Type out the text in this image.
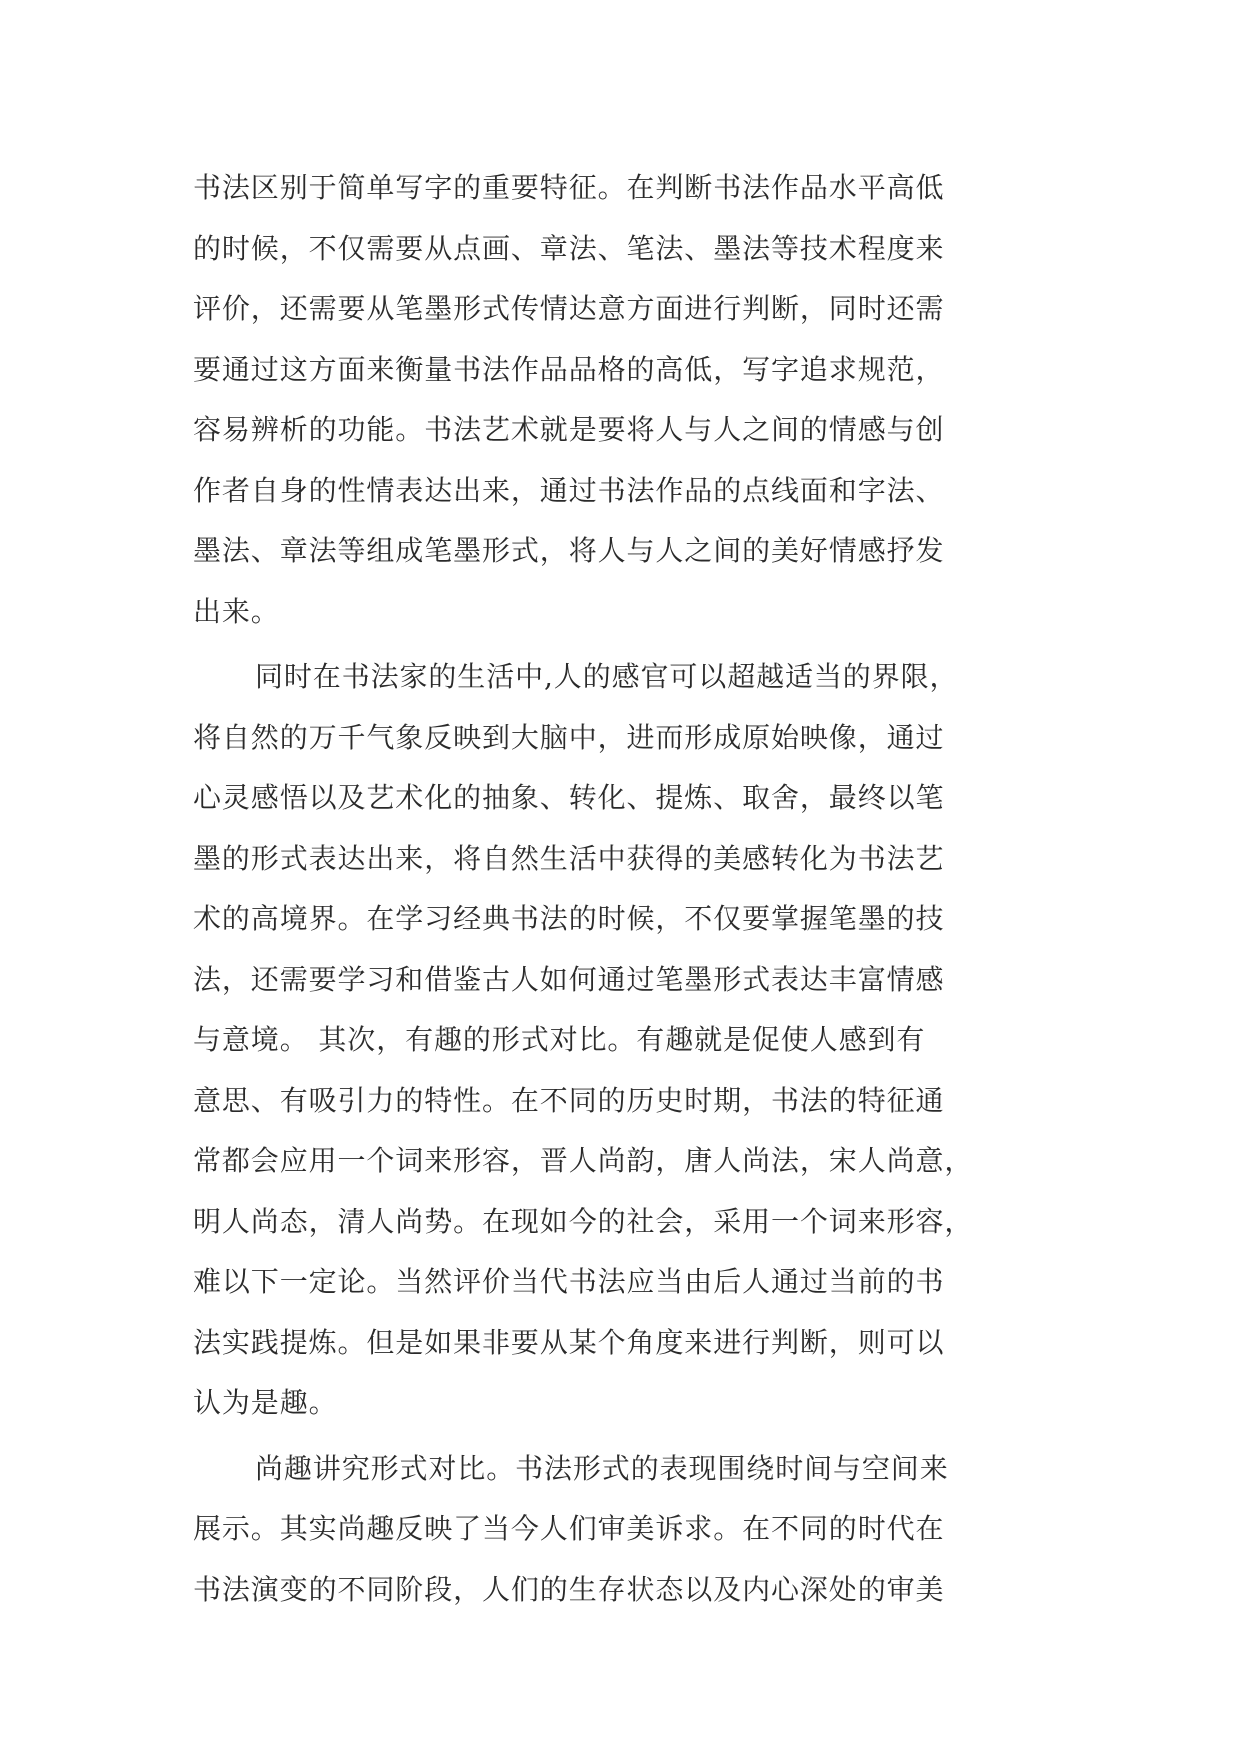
书法区别于简单写字的重要特征。在判断书法作品水平高低
的时候，不仅需要从点画、章法、笔法、墨法等技术程度来
评价，还需要从笔墨形式传情达意方面进行判断，同时还需
要通过这方面来衡量书法作品品格的高低，写字追求规范，
容易辨析的功能。书法艺术就是要将人与人之间的情感与创
作者自身的性情表达出来，通过书法作品的点线面和字法、
墨法、章法等组成笔墨形式，将人与人之间的美好情感抒发
出来。
同时在书法家的生活中,人的感官可以超越适当的界限，
将自然的万千气象反映到大脑中，进而形成原始映像，通过
心灵感悟以及艺术化的抽象、转化、提炼、取舍，最终以笔
墨的形式表达出来，将自然生活中获得的美感转化为书法艺
术的高境界。在学习经典书法的时候，不仅要掌握笔墨的技
法，还需要学习和借鉴古人如何通过笔墨形式表达丰富情感
与意境。 其次，有趣的形式对比。有趣就是促使人感到有
意思、有吸引力的特性。在不同的历史时期，书法的特征通
常都会应用一个词来形容，晋人尚韵，唐人尚法，宋人尚意，
明人尚态，清人尚势。在现如今的社会，采用一个词来形容，
难以下一定论。当然评价当代书法应当由后人通过当前的书
法实践提炼。但是如果非要从某个角度来进行判断，则可以
认为是趣。
尚趣讲究形式对比。书法形式的表现围绕时间与空间来
展示。其实尚趣反映了当今人们审美诉求。在不同的时代在
书法演变的不同阶段，人们的生存状态以及内心深处的审美
